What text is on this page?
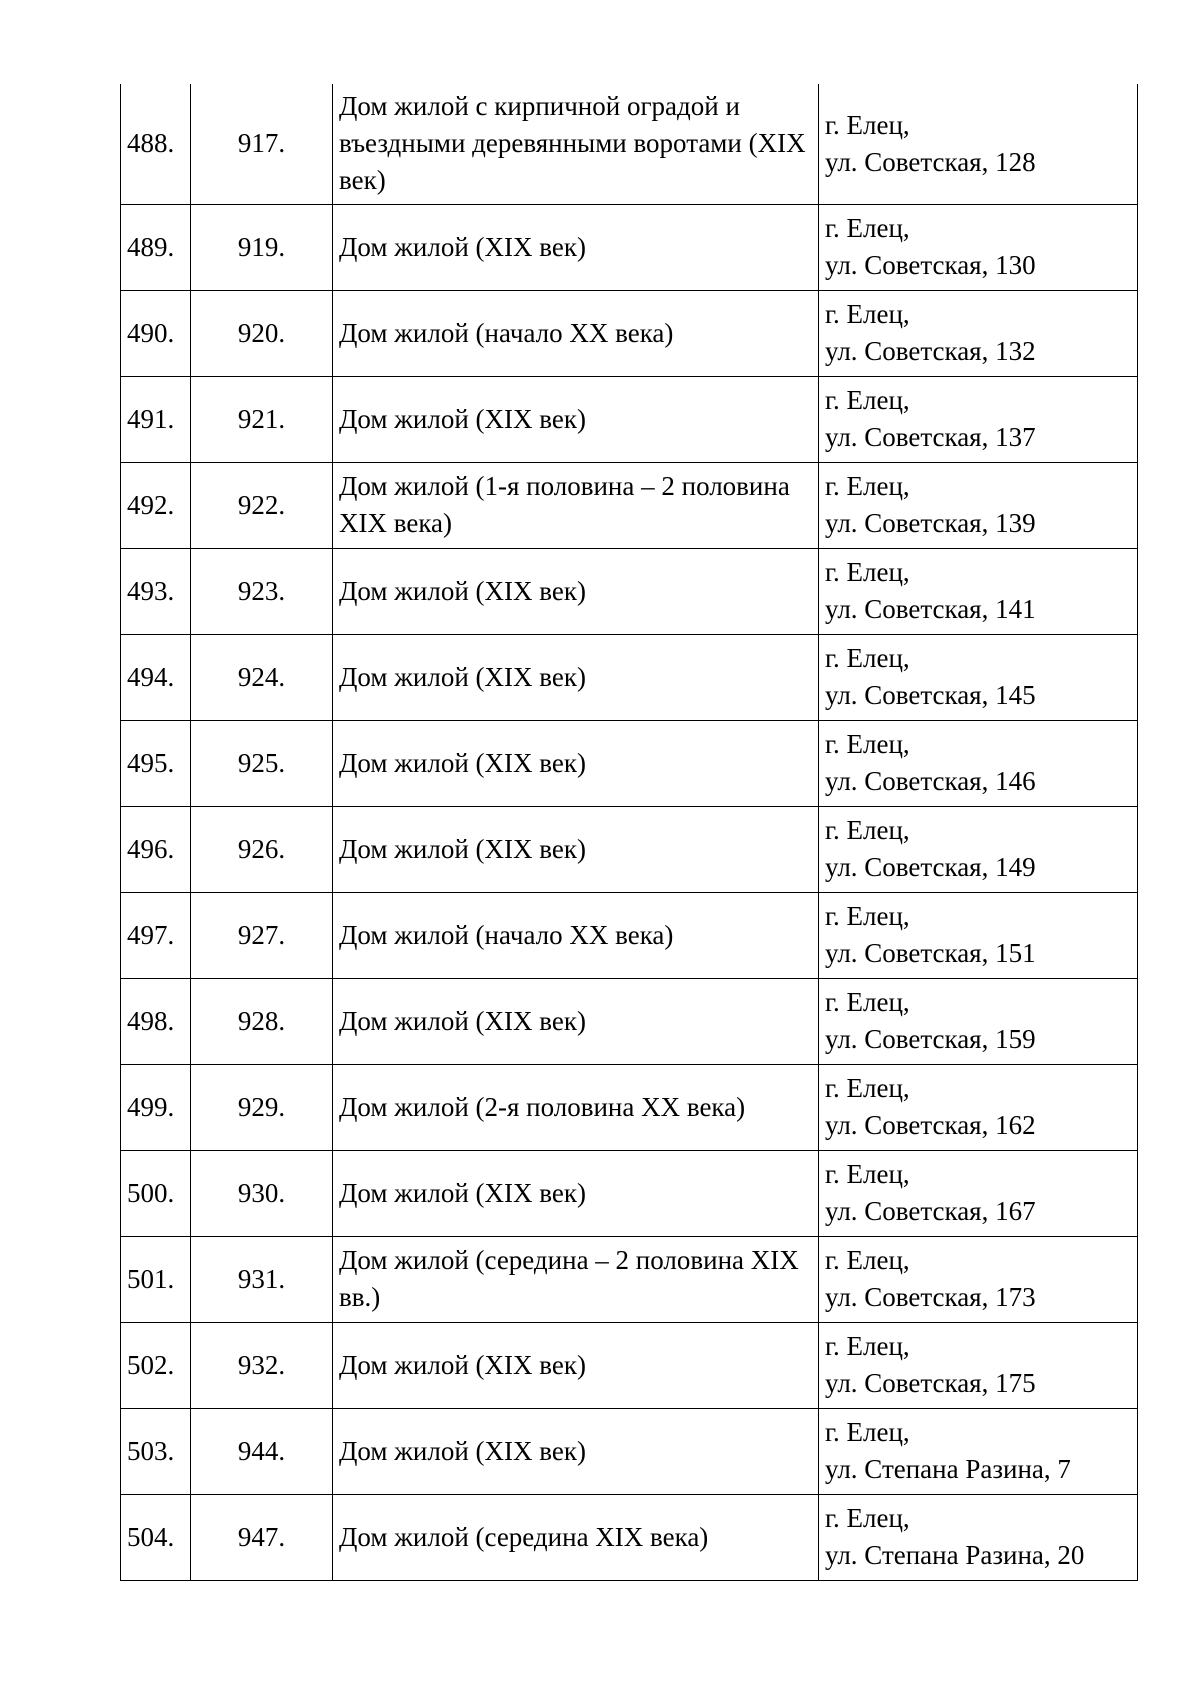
488.	917.	Дом жилой с кирпичной оградой и въездными деревянными воротами (XIX век)	г. Елец,
ул. Советская, 128

489.	919.	Дом жилой (XIX век)	г. Елец,
ул. Советская, 130

490.	920.	Дом жилой (начало XX века)	г. Елец,
ул. Советская, 132

491.	921.	Дом жилой (XIX век)	г. Елец,
ул. Советская, 137

492.	922.	Дом жилой (1-я половина – 2 половина XIX века)	г. Елец,
ул. Советская, 139

493.	923.	Дом жилой (XIX век)	г. Елец,
ул. Советская, 141

494.	924.	Дом жилой (XIX век)	г. Елец,
ул. Советская, 145

495.	925.	Дом жилой (XIX век)	г. Елец,
ул. Советская, 146

496.	926.	Дом жилой (XIX век)	г. Елец,
ул. Советская, 149

497.	927.	Дом жилой (начало XX века)	г. Елец,
ул. Советская, 151

498.	928.	Дом жилой (XIX век)	г. Елец,
ул. Советская, 159

499.	929.	Дом жилой (2-я половина XX века)	г. Елец,
ул. Советская, 162

500.	930.	Дом жилой (XIX век)	г. Елец,
ул. Советская, 167

501.	931.	Дом жилой (середина – 2 половина XIX вв.)	г. Елец,
ул. Советская, 173

502.	932.	Дом жилой (XIX век)	г. Елец,
ул. Советская, 175

503.	944.	Дом жилой (XIX век)	г. Елец,
ул. Степана Разина, 7

504.	947.	Дом жилой (середина XIX века)	г. Елец,
ул. Степана Разина, 20
